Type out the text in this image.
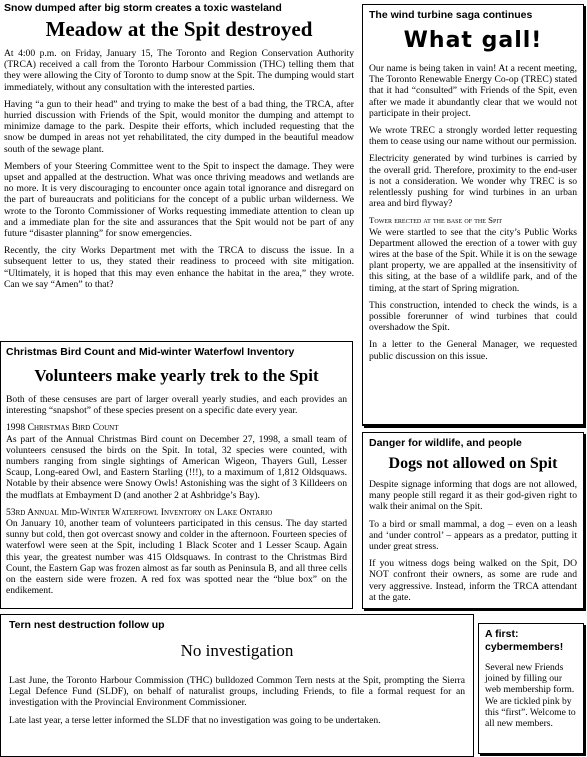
Snow dumped after big storm creates a toxic wasteland
Meadow at the Spit destroyed

At 4:00 p.m. on Friday, January 15, The Toronto and Region Conservation Authority (TRCA) received a call from the Toronto Harbour Commission (THC) telling them that they were allowing the City of Toronto to dump snow at the Spit. The dumping would start immediately, without any consultation with the interested parties.

Having “a gun to their head” and trying to make the best of a bad thing, the TRCA, after hurried discussion with Friends of the Spit, would monitor the dumping and attempt to minimize damage to the park. Despite their efforts, which included requesting that the snow be dumped in areas not yet rehabilitated, the city dumped in the beautiful meadow south of the sewage plant.

Members of your Steering Committee went to the Spit to inspect the damage. They were upset and appalled at the destruction. What was once thriving meadows and wetlands are no more. It is very discouraging to encounter once again total ignorance and disregard on the part of bureaucrats and politicians for the concept of a public urban wilderness. We wrote to the Toronto Commissioner of Works requesting immediate attention to clean up and a immediate plan for the site and assurances that the Spit would not be part of any future “disaster planning” for snow emergencies.

Recently, the city Works Department met with the TRCA to discuss the issue. In a subsequent letter to us, they stated their readiness to proceed with site mitigation. “Ultimately, it is hoped that this may even enhance the habitat in the area,” they wrote. Can we say “Amen” to that?

The wind turbine saga continues
What gall!

Our name is being taken in vain! At a recent meeting, The Toronto Renewable Energy Co-op (TREC) stated that it had “consulted” with Friends of the Spit, even after we made it abundantly clear that we would not participate in their project.

We wrote TREC a strongly worded letter requesting them to cease using our name without our permission.

Electricity generated by wind turbines is carried by the overall grid. Therefore, proximity to the end-user is not a consideration. We wonder why TREC is so relentlessly pushing for wind turbines in an urban area and bird flyway?

Tower erected at the base of the Spit

We were startled to see that the city’s Public Works Department allowed the erection of a tower with guy wires at the base of the Spit. While it is on the sewage plant property, we are appalled at the insensitivity of this siting, at the base of a wildlife park, and of the timing, at the start of Spring migration.

This construction, intended to check the winds, is a possible forerunner of wind turbines that could overshadow the Spit.

In a letter to the General Manager, we requested public discussion on this issue.

Christmas Bird Count and Mid-winter Waterfowl Inventory
Volunteers make yearly trek to the Spit

Both of these censuses are part of larger overall yearly studies, and each provides an interesting “snapshot” of these species present on a specific date every year.

1998 Christmas Bird Count

As part of the Annual Christmas Bird count on December 27, 1998, a small team of volunteers censused the birds on the Spit. In total, 32 species were counted, with numbers ranging from single sightings of American Wigeon, Thayers Gull, Lesser Scaup, Long-eared Owl, and Eastern Starling (!!!), to a maximum of 1,812 Oldsquaws. Notable by their absence were Snowy Owls! Astonishing was the sight of 3 Killdeers on the mudflats at Embayment D (and another 2 at Ashbridge’s Bay).

53rd Annual Mid-Winter Waterfowl Inventory on Lake Ontario

On January 10, another team of volunteers participated in this census. The day started sunny but cold, then got overcast snowy and colder in the afternoon. Fourteen species of waterfowl were seen at the Spit, including 1 Black Scoter and 1 Lesser Scaup. Again this year, the greatest number was 415 Oldsquaws. In contrast to the Christmas Bird Count, the Eastern Gap was frozen almost as far south as Peninsula B, and all three cells on the eastern side were frozen. A red fox was spotted near the “blue box” on the endikement.

Danger for wildlife, and people
Dogs not allowed on Spit

Despite signage informing that dogs are not allowed, many people still regard it as their god-given right to walk their animal on the Spit.

To a bird or small mammal, a dog – even on a leash and ‘under control’ – appears as a predator, putting it under great stress.

If you witness dogs being walked on the Spit, DO NOT confront their owners, as some are rude and very aggressive. Instead, inform the TRCA attendant at the gate.

Tern nest destruction follow up
No investigation

Last June, the Toronto Harbour Commission (THC) bulldozed Common Tern nests at the Spit, prompting the Sierra Legal Defence Fund (SLDF), on behalf of naturalist groups, including Friends, to file a formal request for an investigation with the Provincial Environment Commissioner.

Late last year, a terse letter informed the SLDF that no investigation was going to be undertaken.

A first: cybermembers!

Several new Friends joined by filling our web membership form. We are tickled pink by this “first”. Welcome to all new members.
